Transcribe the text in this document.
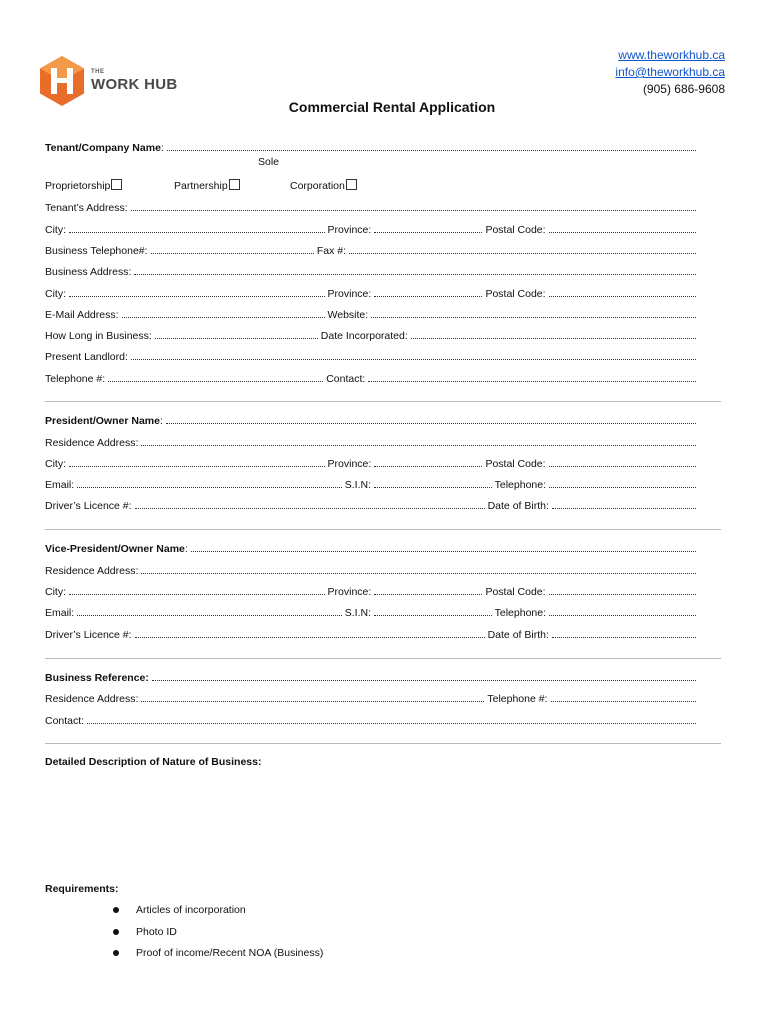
THE
WORK HUB
www.theworkhub.ca
info@theworkhub.ca
(905) 686-9608
Commercial Rental Application
Tenant/Company Name :
Sole
Proprietorship	Partnership	Corporation
Tenant’s Address:
City:	Province:	Postal Code:
Business Telephone#:	Fax #:
Business Address:
City:	Province:	Postal Code:
E-Mail Address:	Website:
How Long in Business:	Date Incorporated:
Present Landlord:
Telephone #:	Contact:
President/Owner Name :
Residence Address:
City:	Province:	Postal Code:
Email:	S.I.N:	Telephone:
Driver’s Licence #:	Date of Birth:
Vice-President/Owner Name :
Residence Address:
City:	Province:	Postal Code:
Email:	S.I.N:	Telephone:
Driver’s Licence #:	Date of Birth:
Business Reference:
Residence Address:	Telephone #:
Contact:
Detailed Description of Nature of Business:
Requirements:
Articles of incorporation
Photo ID
Proof of income/Recent NOA (Business)
